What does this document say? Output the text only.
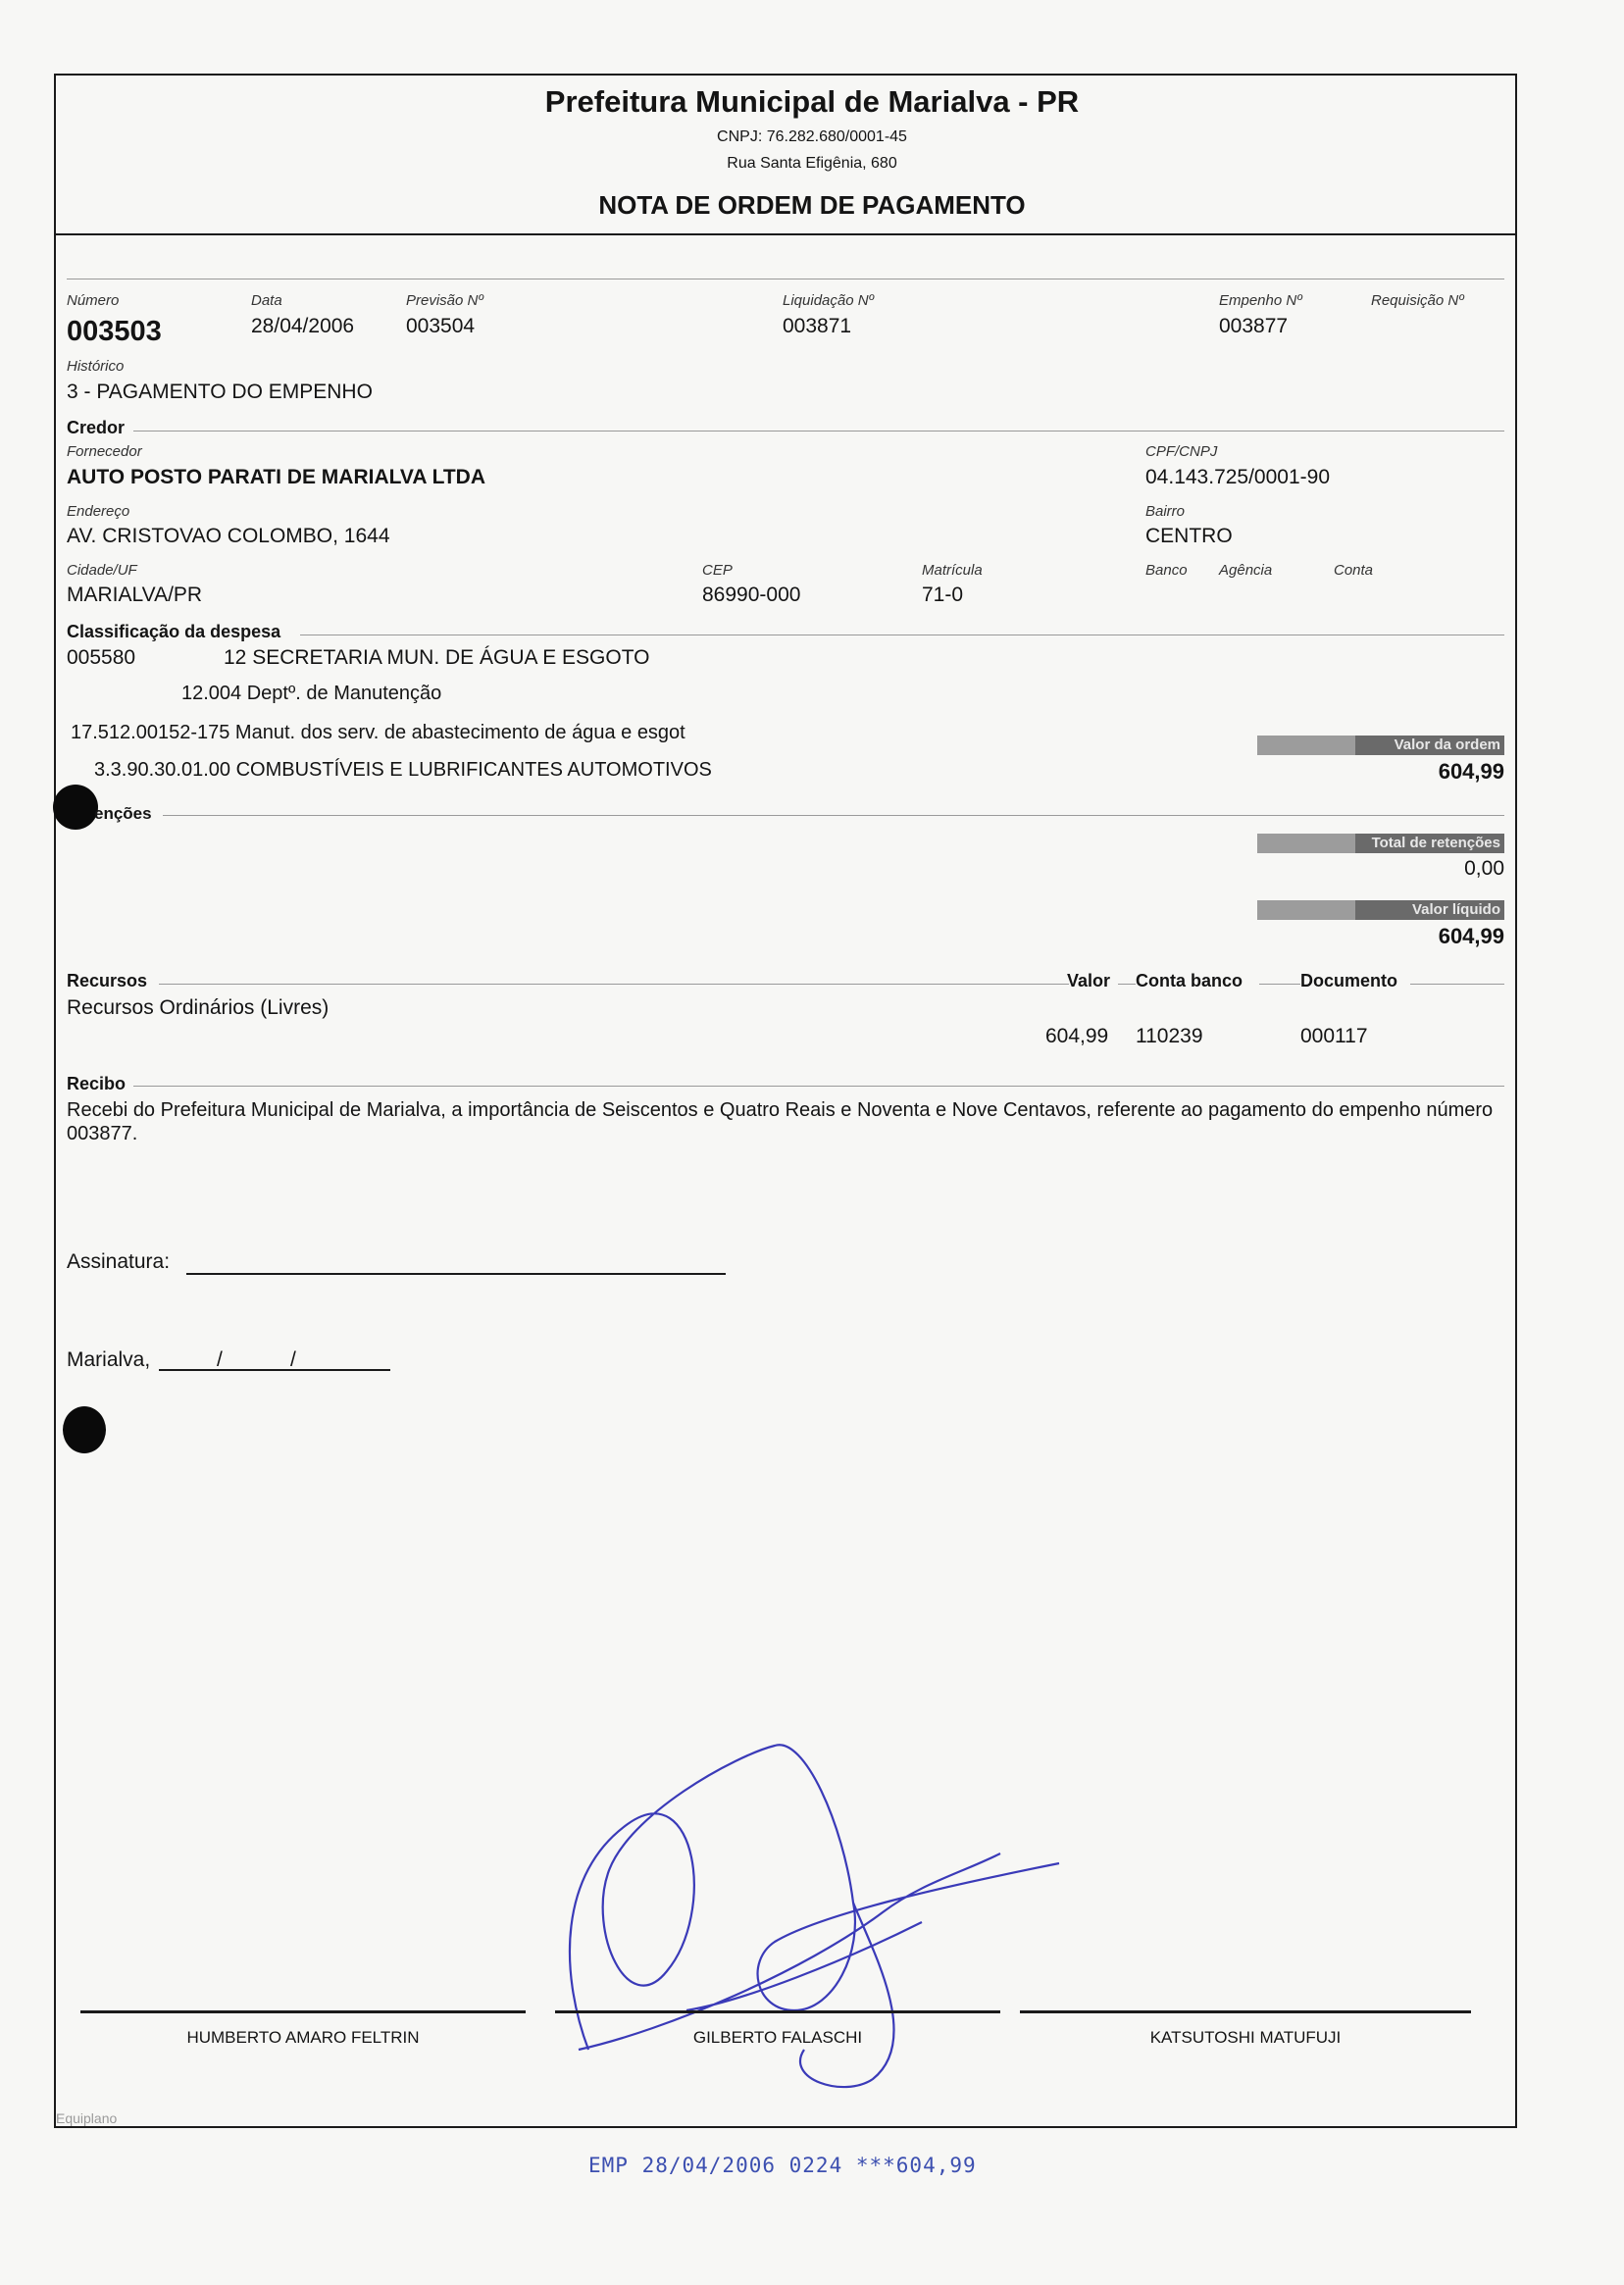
Prefeitura Municipal de Marialva - PR
CNPJ: 76.282.680/0001-45
Rua Santa Efigênia, 680
NOTA DE ORDEM DE PAGAMENTO
Número
003503
Data
28/04/2006
Previsão Nº
003504
Liquidação Nº
003871
Empenho Nº
003877
Requisição Nº
Histórico
3 - PAGAMENTO DO EMPENHO
Credor
Fornecedor
AUTO POSTO PARATI DE MARIALVA LTDA
CPF/CNPJ
04.143.725/0001-90
Endereço
AV. CRISTOVAO COLOMBO, 1644
Bairro
CENTRO
Cidade/UF
MARIALVA/PR
CEP
86990-000
Matrícula
71-0
Banco Agência	Conta
Classificação da despesa
005580	12 SECRETARIA MUN. DE ÁGUA E ESGOTO
12.004 Deptº. de Manutenção
17.512.00152-175 Manut. dos serv. de abastecimento de água e esgot
3.3.90.30.01.00 COMBUSTÍVEIS E LUBRIFICANTES AUTOMOTIVOS
Valor da ordem
604,99
enções
Total de retenções
0,00
Valor líquido
604,99
Recursos	Valor Conta banco	Documento
Recursos Ordinários (Livres)
604,99 110239	000117
Recibo
Recebi do Prefeitura Municipal de Marialva, a importância de Seiscentos e Quatro Reais e Noventa e Nove Centavos, referente ao pagamento do empenho número 003877.
Assinatura:
Marialva,	/	/
HUMBERTO AMARO FELTRIN	GILBERTO FALASCHI	KATSUTOSHI MATUFUJI
Equiplano
EMP 28/04/2006 0224 ***604,99
